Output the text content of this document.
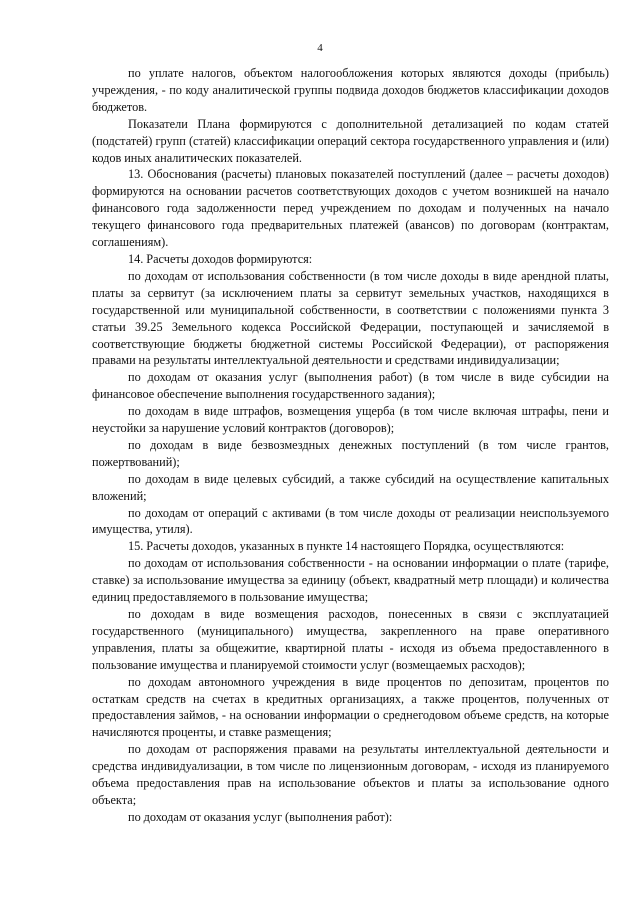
4

по уплате налогов, объектом налогообложения которых являются доходы (прибыль) учреждения, - по коду аналитической группы подвида доходов бюджетов классификации доходов бюджетов.

Показатели Плана формируются с дополнительной детализацией по кодам статей (подстатей) групп (статей) классификации операций сектора государственного управления и (или) кодов иных аналитических показателей.

13. Обоснования (расчеты) плановых показателей поступлений (далее – расчеты доходов) формируются на основании расчетов соответствующих доходов с учетом возникшей на начало финансового года задолженности перед учреждением по доходам и полученных на начало текущего финансового года предварительных платежей (авансов) по договорам (контрактам, соглашениям).

14. Расчеты доходов формируются:

по доходам от использования собственности (в том числе доходы в виде арендной платы, платы за сервитут (за исключением платы за сервитут земельных участков, находящихся в государственной или муниципальной собственности, в соответствии с положениями пункта 3 статьи 39.25 Земельного кодекса Российской Федерации, поступающей и зачисляемой в соответствующие бюджеты бюджетной системы Российской Федерации), от распоряжения правами на результаты интеллектуальной деятельности и средствами индивидуализации;

по доходам от оказания услуг (выполнения работ) (в том числе в виде субсидии на финансовое обеспечение выполнения государственного задания);

по доходам в виде штрафов, возмещения ущерба (в том числе включая штрафы, пени и неустойки за нарушение условий контрактов (договоров);

по доходам в виде безвозмездных денежных поступлений (в том числе грантов, пожертвований);

по доходам в виде целевых субсидий, а также субсидий на осуществление капитальных вложений;

по доходам от операций с активами (в том числе доходы от реализации неиспользуемого имущества, утиля).

15. Расчеты доходов, указанных в пункте 14 настоящего Порядка, осуществляются:

по доходам от использования собственности - на основании информации о плате (тарифе, ставке) за использование имущества за единицу (объект, квадратный метр площади) и количества единиц предоставляемого в пользование имущества;

по доходам в виде возмещения расходов, понесенных в связи с эксплуатацией государственного (муниципального) имущества, закрепленного на праве оперативного управления, платы за общежитие, квартирной платы - исходя из объема предоставленного в пользование имущества и планируемой стоимости услуг (возмещаемых расходов);

по доходам автономного учреждения в виде процентов по депозитам, процентов по остаткам средств на счетах в кредитных организациях, а также процентов, полученных от предоставления займов, - на основании информации о среднегодовом объеме средств, на которые начисляются проценты, и ставке размещения;

по доходам от распоряжения правами на результаты интеллектуальной деятельности и средства индивидуализации, в том числе по лицензионным договорам, - исходя из планируемого объема предоставления прав на использование объектов и платы за использование одного объекта;

по доходам от оказания услуг (выполнения работ):
